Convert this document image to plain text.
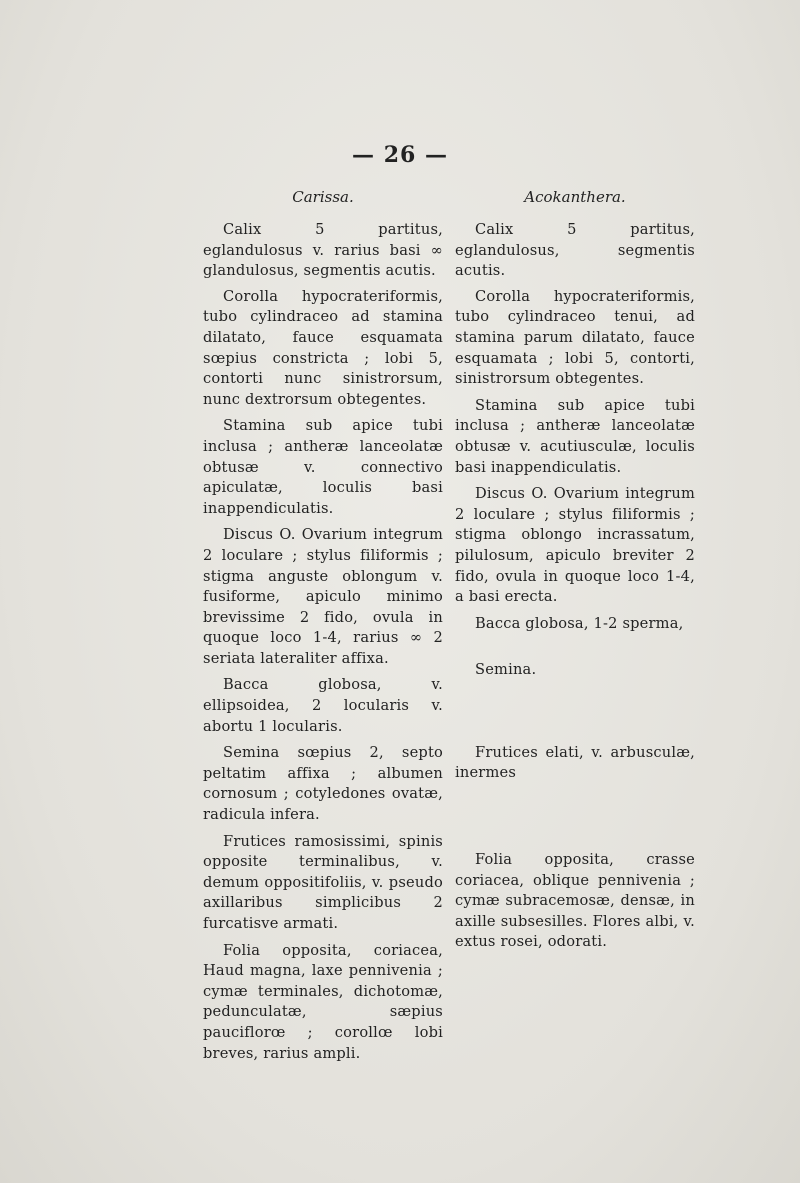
— 26 —
Carissa.

Calix 5 partitus, eglandulosus v. rarius basi ∞ glandulosus, segmentis acutis.

Corolla hypocrateriformis, tubo cylindraceo ad stamina dilatato, fauce esquamata sœpius constricta ; lobi 5, contorti nunc sinistrorsum, nunc dextrorsum obtegentes.

Stamina sub apice tubi inclusa ; antheræ lanceolatæ obtusæ v. connectivo apiculatæ, loculis basi inappendiculatis.

Discus O. Ovarium integrum 2 loculare ; stylus filiformis ; stigma anguste oblongum v. fusiforme, apiculo minimo brevissime 2 fido, ovula in quoque loco 1-4, rarius ∞ 2 seriata lateraliter affixa.

Bacca globosa, v. ellipsoidea, 2 locularis v. abortu 1 locularis.

Semina sœpius 2, septo peltatim affixa ; albumen cornosum ; cotyledones ovatæ, radicula infera.

Frutices ramosissimi, spinis opposite terminalibus, v. demum oppositifoliis, v. pseudo axillaribus simplicibus 2 furcatisve armati.

Folia opposita, coriacea, Haud magna, laxe pennivenia ; cymæ terminales, dichotomæ, pedunculatæ, sæpius pauciflorœ ; corollœ lobi breves, rarius ampli.

Acokanthera.

Calix 5 partitus, eglandulosus, segmentis acutis.

Corolla hypocrateriformis, tubo cylindraceo tenui, ad stamina parum dilatato, fauce esquamata ; lobi 5, contorti, sinistrorsum obtegentes.

Stamina sub apice tubi inclusa ; antheræ lanceolatæ obtusæ v. acutiusculæ, loculis basi inappendiculatis.

Discus O. Ovarium integrum 2 loculare ; stylus filiformis ; stigma oblongo incrassatum, pilulosum, apiculo breviter 2 fido, ovula in quoque loco 1-4, a basi erecta.

Bacca globosa, 1-2 sperma,

Semina.

Frutices elati, v. arbusculæ, inermes

Folia opposita, crasse coriacea, oblique pennivenia ; cymæ subracemosæ, densæ, in axille subsesilles. Flores albi, v. extus rosei, odorati.
